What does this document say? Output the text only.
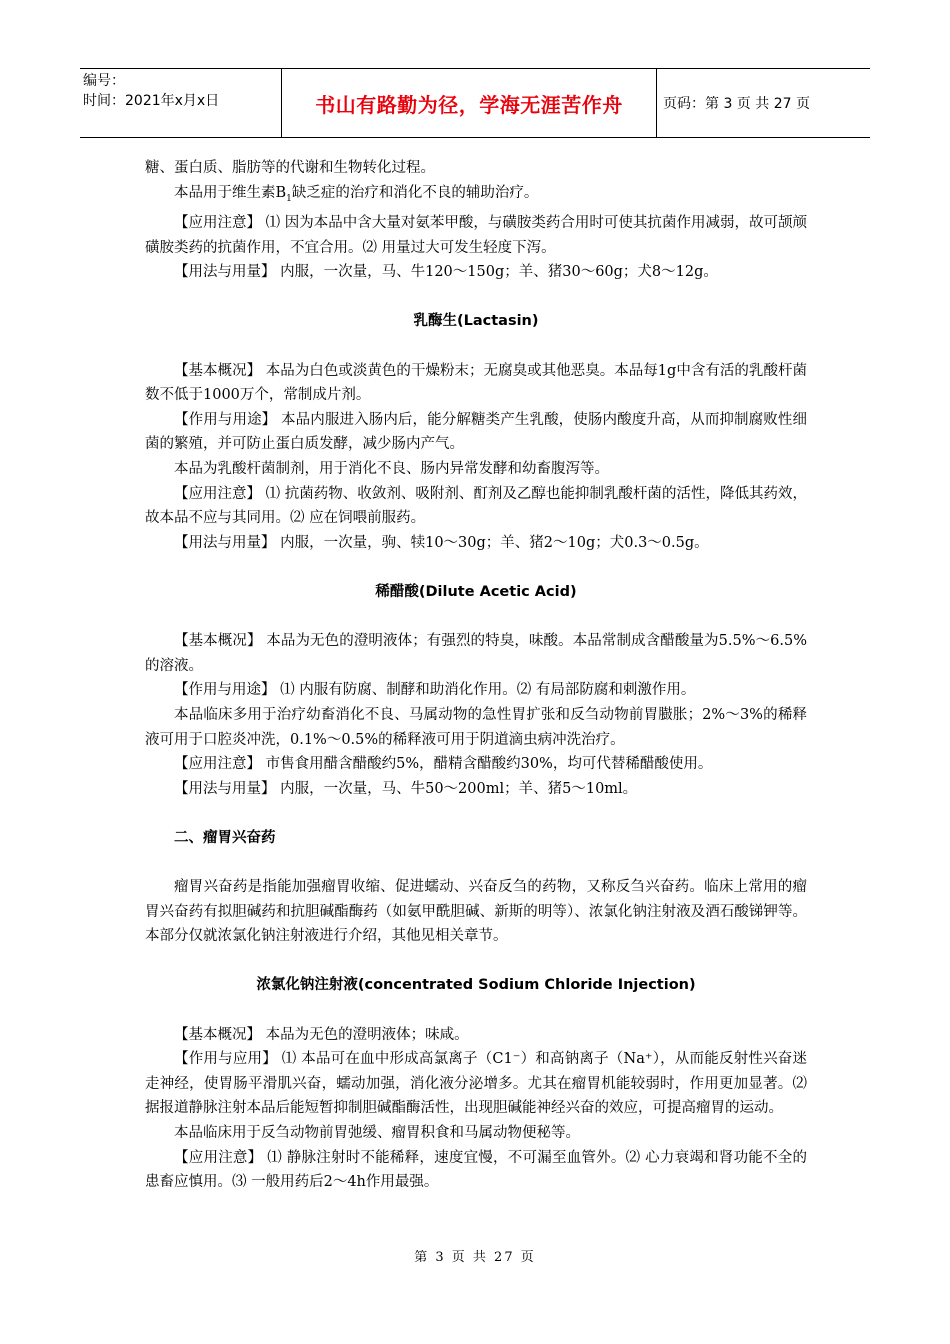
编号：
时间：2021年x月x日	书山有路勤为径，学海无涯苦作舟	页码：第 3 页 共 27 页

糖、蛋白质、脂肪等的代谢和生物转化过程。

本品用于维生素$B_1$缺乏症的治疗和消化不良的辅助治疗。

【应用注意】 ⑴ 因为本品中含大量对氨苯甲酸，与磺胺类药合用时可使其抗菌作用减弱，故可颉颃磺胺类药的抗菌作用，不宜合用。⑵ 用量过大可发生轻度下泻。

【用法与用量】 内服，一次量，马、牛120～150g；羊、猪30～60g；犬8～12g。

乳酶生(Lactasin)

【基本概况】 本品为白色或淡黄色的干燥粉末；无腐臭或其他恶臭。本品每1g中含有活的乳酸杆菌数不低于1000万个，常制成片剂。

【作用与用途】 本品内服进入肠内后，能分解糖类产生乳酸，使肠内酸度升高，从而抑制腐败性细菌的繁殖，并可防止蛋白质发酵，减少肠内产气。

本品为乳酸杆菌制剂，用于消化不良、肠内异常发酵和幼畜腹泻等。

【应用注意】 ⑴ 抗菌药物、收敛剂、吸附剂、酊剂及乙醇也能抑制乳酸杆菌的活性，降低其药效，故本品不应与其同用。⑵ 应在饲喂前服药。

【用法与用量】 内服，一次量，驹、犊10～30g；羊、猪2～10g；犬0.3～0.5g。

稀醋酸(Dilute Acetic Acid)

【基本概况】 本品为无色的澄明液体；有强烈的特臭，味酸。本品常制成含醋酸量为5.5%～6.5%的溶液。

【作用与用途】 ⑴ 内服有防腐、制酵和助消化作用。⑵ 有局部防腐和刺激作用。

本品临床多用于治疗幼畜消化不良、马属动物的急性胃扩张和反刍动物前胃臌胀；2%～3%的稀释液可用于口腔炎冲洗，0.1%～0.5%的稀释液可用于阴道滴虫病冲洗治疗。

【应用注意】 市售食用醋含醋酸约5%，醋精含醋酸约30%，均可代替稀醋酸使用。

【用法与用量】 内服，一次量，马、牛50～200ml；羊、猪5～10ml。

二、瘤胃兴奋药

瘤胃兴奋药是指能加强瘤胃收缩、促进蠕动、兴奋反刍的药物，又称反刍兴奋药。临床上常用的瘤胃兴奋药有拟胆碱药和抗胆碱酯酶药（如氨甲酰胆碱、新斯的明等）、浓氯化钠注射液及酒石酸锑钾等。本部分仅就浓氯化钠注射液进行介绍，其他见相关章节。

浓氯化钠注射液(concentrated Sodium Chloride Injection)

【基本概况】 本品为无色的澄明液体；味咸。

【作用与应用】 ⑴ 本品可在血中形成高氯离子（C1⁻）和高钠离子（Na⁺），从而能反射性兴奋迷走神经，使胃肠平滑肌兴奋，蠕动加强，消化液分泌增多。尤其在瘤胃机能较弱时，作用更加显著。⑵ 据报道静脉注射本品后能短暂抑制胆碱酯酶活性，出现胆碱能神经兴奋的效应，可提高瘤胃的运动。

本品临床用于反刍动物前胃弛缓、瘤胃积食和马属动物便秘等。

【应用注意】 ⑴ 静脉注射时不能稀释，速度宜慢，不可漏至血管外。⑵ 心力衰竭和肾功能不全的患畜应慎用。⑶ 一般用药后2～4h作用最强。

第 3 页 共 27 页
